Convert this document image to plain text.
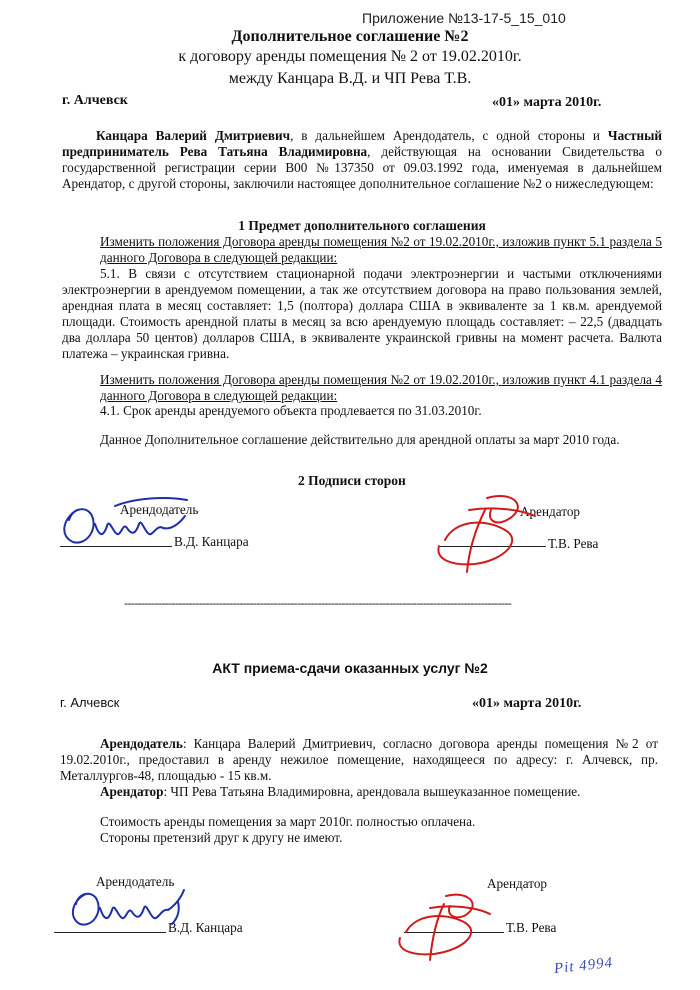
Приложение №13-17-5_15_010
Дополнительное соглашение №2
к договору аренды помещения № 2 от 19.02.2010г.
между Канцара В.Д. и ЧП Рева Т.В.
г. Алчевск	«01» марта 2010г.
Канцара Валерий Дмитриевич, в дальнейшем Арендодатель, с одной стороны и Частный предприниматель Рева Татьяна Владимировна, действующая на основании Свидетельства о государственной регистрации серии В00 №137350 от 09.03.1992 года, именуемая в дальнейшем Арендатор, с другой стороны, заключили настоящее дополнительное соглашение №2 о нижеследующем:
1 Предмет дополнительного соглашения
Изменить положения Договора аренды помещения №2 от 19.02.2010г., изложив пункт 5.1 раздела 5 данного Договора в следующей редакции:
5.1. В связи с отсутствием стационарной подачи электроэнергии и частыми отключениями электроэнергии в арендуемом помещении, а так же отсутствием договора на право пользования землей, арендная плата в месяц составляет: 1,5 (полтора) доллара США в эквиваленте за 1 кв.м. арендуемой площади. Стоимость арендной платы в месяц за всю арендуемую площадь составляет: – 22,5 (двадцать два доллара 50 центов) долларов США, в эквиваленте украинской гривны на момент расчета. Валюта платежа – украинская гривна.
Изменить положения Договора аренды помещения №2 от 19.02.2010г., изложив пункт 4.1 раздела 4 данного Договора в следующей редакции:
4.1. Срок аренды арендуемого объекта продлевается по 31.03.2010г.
Данное Дополнительное соглашение действительно для арендной оплаты за март 2010 года.
2 Подписи сторон
Арендодатель	Арендатор
В.Д. Канцара	Т.В. Рева
------------------------------------------------------------------------------------------------------------------
АКТ приема-сдачи оказанных услуг №2
г. Алчевск	«01» марта 2010г.
Арендодатель: Канцара Валерий Дмитриевич, согласно договора аренды помещения №2 от 19.02.2010г., предоставил в аренду нежилое помещение, находящееся по адресу: г. Алчевск, пр. Металлургов-48, площадью - 15 кв.м.
Арендатор: ЧП Рева Татьяна Владимировна, арендовала вышеуказанное помещение.
Стоимость аренды помещения за март 2010г. полностью оплачена.
Стороны претензий друг к другу не имеют.
Арендодатель	Арендатор
В.Д. Канцара	Т.В. Рева
Рit 4994
